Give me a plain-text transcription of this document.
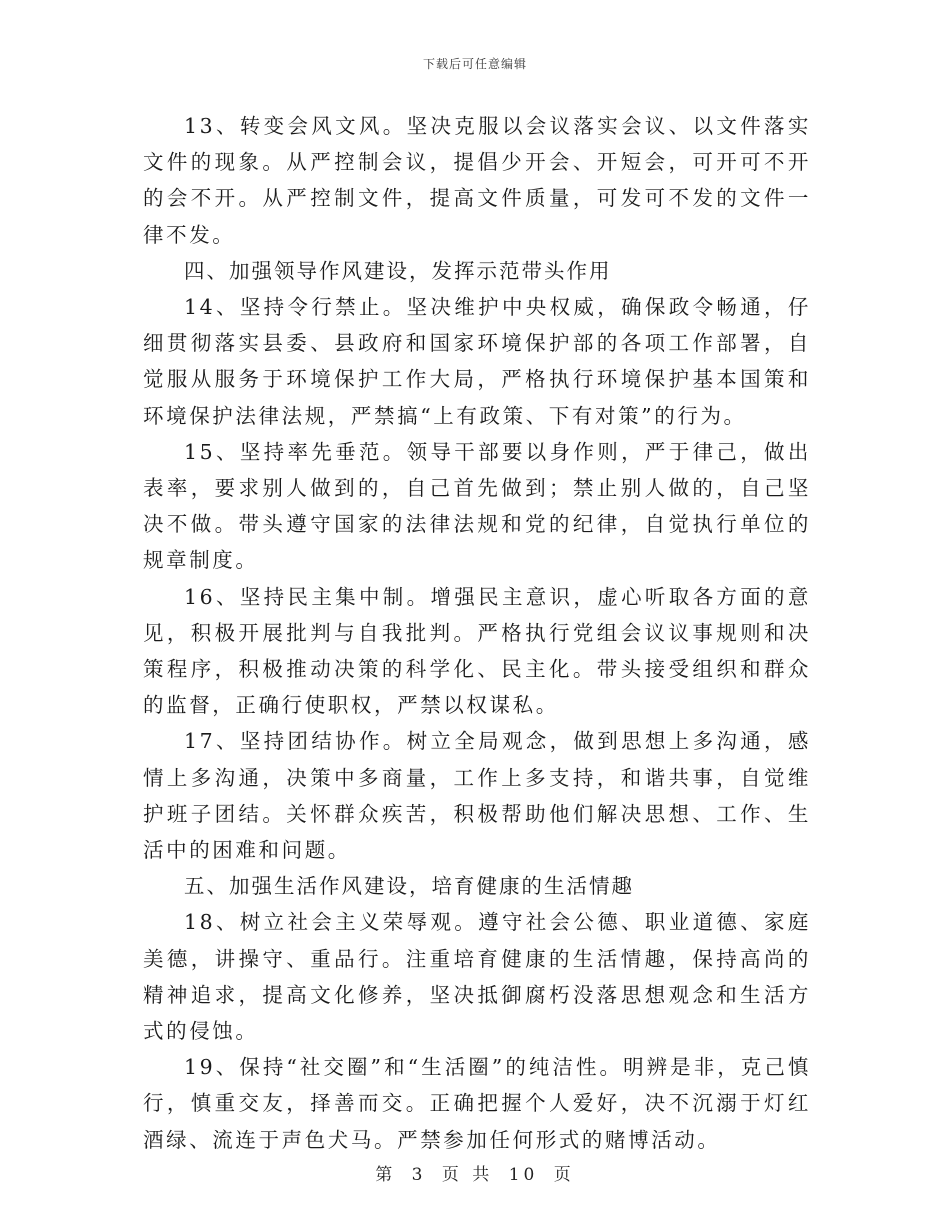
下载后可任意编辑

13、转变会风文风。坚决克服以会议落实会议、以文件落实文件的现象。从严控制会议，提倡少开会、开短会，可开可不开的会不开。从严控制文件，提高文件质量，可发可不发的文件一律不发。

四、加强领导作风建设，发挥示范带头作用

14、坚持令行禁止。坚决维护中央权威，确保政令畅通，仔细贯彻落实县委、县政府和国家环境保护部的各项工作部署，自觉服从服务于环境保护工作大局，严格执行环境保护基本国策和环境保护法律法规，严禁搞“上有政策、下有对策”的行为。

15、坚持率先垂范。领导干部要以身作则，严于律己，做出表率，要求别人做到的，自己首先做到；禁止别人做的，自己坚决不做。带头遵守国家的法律法规和党的纪律，自觉执行单位的规章制度。

16、坚持民主集中制。增强民主意识，虚心听取各方面的意见，积极开展批判与自我批判。严格执行党组会议议事规则和决策程序，积极推动决策的科学化、民主化。带头接受组织和群众的监督，正确行使职权，严禁以权谋私。

17、坚持团结协作。树立全局观念，做到思想上多沟通，感情上多沟通，决策中多商量，工作上多支持，和谐共事，自觉维护班子团结。关怀群众疾苦，积极帮助他们解决思想、工作、生活中的困难和问题。

五、加强生活作风建设，培育健康的生活情趣

18、树立社会主义荣辱观。遵守社会公德、职业道德、家庭美德，讲操守、重品行。注重培育健康的生活情趣，保持高尚的精神追求，提高文化修养，坚决抵御腐朽没落思想观念和生活方式的侵蚀。

19、保持“社交圈”和“生活圈”的纯洁性。明辨是非，克己慎行，慎重交友，择善而交。正确把握个人爱好，决不沉溺于灯红酒绿、流连于声色犬马。严禁参加任何形式的赌博活动。

第 3 页 共 10 页
